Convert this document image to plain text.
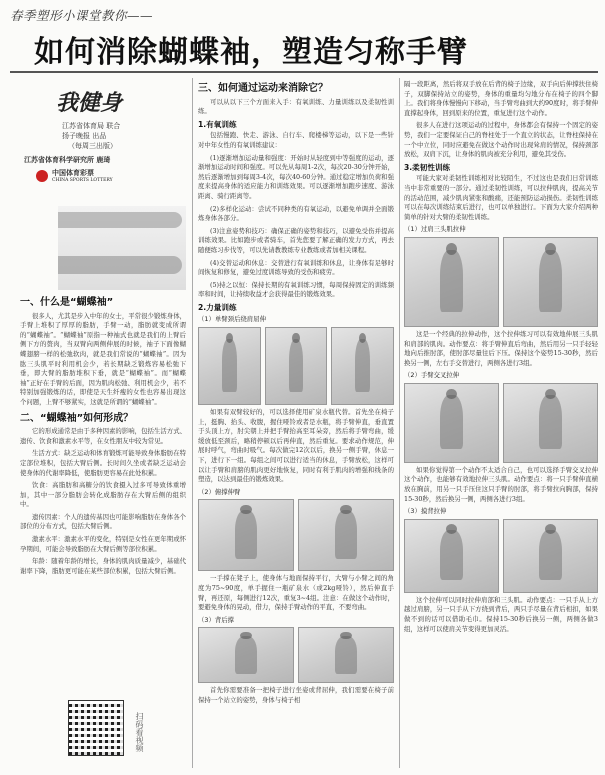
春季塑形小课堂教你——
如何消除蝴蝶袖，塑造匀称手臂
我健身
江苏省体育局 联合
扬子晚报 出品
（每周三出版）
江苏省体育科学研究所 鹿琦
中国体育彩票
CHINA SPORTS LOTTERY
一、什么是“蝴蝶袖”

很多人，尤其是步入中年的女士，平常很少锻炼身体，手臂上堆积了厚厚的脂肪，手臂一动，脂肪就变成所谓的“蝴蝶袖”。“蝴蝶袖”原指一种袖式也就是我们的上臂后侧下方的赘肉，当双臂向两侧伸展的时候，袖子下面像蝴蝶翅膀一样的松弛软肉，就是我们常说的“蝴蝶袖”。因为肱三头肌平时利用机会少，若长期缺乏锻炼容易松弛下垂，即大臂的脂肪堆积下垂，就是“蝴蝶袖”。而“蝴蝶袖”正好在手臂的后面，因为肌肉松弛、利用机会少，若不特别加强锻炼的话，即使是天生纤瘦的女性也容易出现这个问题，上臂不够紧实，这就是所谓的“蝴蝶袖”。

二、“蝴蝶袖”如何形成？

它的形成通常是由于多种因素的影响，包括生活方式、遗传、饮食和激素水平等，在女性朋友中较为常见。

生活方式：缺乏运动和体育锻炼可能导致身体脂肪在特定部位堆积，包括大臂后侧。长时间久坐或者缺乏运动会使身体的代谢率降低，使脂肪更容易在此处积累。

饮食：高脂肪和高糖分的饮食摄入过多可导致体重增加，其中一部分脂肪会转化成脂肪存在大臂后侧的组织中。

遗传因素：个人的遗传基因也可能影响脂肪在身体各个部位的分布方式，包括大臂后侧。

激素水平：激素水平的变化，特别是女性在更年期或怀孕期间，可能会导致脂肪在大臂后侧等部位积累。

年龄：随着年龄的增长，身体的肌肉质量减少，基础代谢率下降，脂肪更可能在某些部位积累，包括大臂后侧。

扫码看视频
三、如何通过运动来消除它？

可以从以下三个方面来入手：有氧训练、力量训练以及柔韧性训练。

1.有氧训练

包括慢跑、快走、游泳、自行车、爬楼梯等运动，以下是一些针对中年女性的有氧训练建议：

(1)逐渐增加运动量和强度：开始时从轻度到中等强度的运动，逐渐增加运动时间和强度。可以先从每周1-2次，每次20-30分钟开始，然后逐渐增加到每周3-4次，每次40-60分钟。通过稳定增加负荷和强度来提高身体的适应能力和训练效果。可以逐渐增加跑步速度、游泳距离、骑行距离等。

(2)多样化运动：尝试不同种类的有氧运动，以避免单调并全面锻炼身体各部分。

(3)注意姿势和技巧：确保正确的姿势和技巧，以避免受伤并提高训练效果。比如跑步或者骑车，首先您要了解正确的发力方式，再去随便练习步伐等，可以先请教教练专业教练或者加相关课程。

(4)交替运动和休息：交替进行有氧训练和休息，让身体有足够时间恢复和修复，避免过度训练导致的受伤和疲劳。

(5)持之以恒：保持长期的有氧训练习惯，每周保持固定的训练频率和时间，让持续收益才会获得最佳的锻炼效果。

2.力量训练
（1）单臂颈后绕肩屈伸

如果有双臂较好的，可以选择使用矿泉水瓶代替。首先坐在椅子上，挺胸、抬头、收腹，握住哑铃或者是水瓶，将手臂伸直，垂直置于头顶上方，肘尖朝上并把手臂抬高至耳朵旁，然后将手臂弯曲，缓缓放低至颈后，略稍停顿以后再伸直，然后重复。要求动作规范，伸展时呼气，弯曲时吸气。每次做完12次以后，换另一侧手臂，休息一下，进行下一组。每组之间可以进行适当的休息，手臂放松，这样可以让手臂和肩膀的肌肉更好地恢复，同时有利于肌肉的增强和线条的塑造，以达到最佳的锻炼效果。

（2）俯撑伸臂

一手撑在凳子上，使身体与地面保持平行，大臂与小臂之间的角度为75~90度，单手握住一瓶矿泉水（或2kg哑铃），然后伸直手臂，再还原，每侧进行12次，重复3~4组。注意：在做这个动作时，要避免身体的晃动，借力，保持手臂动作的平直，不要弯曲。

（3）背后撑

首先你需要准备一把椅子进行坐姿或背屈伸，我们需要在椅子前保持一个站立的姿势，身体与椅子相

隔一段距离，然后将双手放在后背的椅子边缘，双手向后伸撑扶住椅子，双脚保持站立的姿势，身体的重量均匀地分布在椅子的四个脚上。我们将身体慢慢向下移动，当手臂弯曲到大约90度时，将手臂伸直撑起身体，回到原来的位置，重复进行这个动作。

很多人在进行这项运动的过程中，身体都会有保持一个固定的姿势，我们一定要保证自己的脊柱处于一个直立的状态，让脊柱保持在一个中立位，同时应避免在做这个动作时出现耸肩的情况，保持颈部放松，双肩下沉，让身体的肌肉被充分利用，避免其受伤。

3.柔韧性训练

可能大家对柔韧性训练相对比较陌生，不过这也是我们日常训练当中非常重要的一部分。通过柔韧性训练，可以拉伸肌肉，提高关节的活动范围，减少肌肉紧张和酸痛，还能预防运动损伤。柔韧性训练可以在每次训练结束后进行，也可以单独进行。下面为大家介绍两种简单的针对大臂的柔韧性训练。

（1）过肩三头肌拉伸

这是一个经典的拉伸动作，这个拉伸练习可以有效地伸展三头肌和肩部的肌肉。动作要点：将手臂伸直后弯曲，然后用另一只手轻轻地向后推肘部，使肘部尽量往后下压。保持这个姿势15-30秒，然后换另一侧，左右手交替进行，两侧各进行3组。

（2）手臂交叉拉伸

如果你觉得第一个动作不太适合自己，也可以选择手臂交叉拉伸这个动作，也能够有效地拉伸三头肌。动作要点：将一只手臂伸直横放在胸前，用另一只手压住这只手臂的肘部，将手臂拉向胸部，保持15-30秒，然后换另一侧，两侧各进行3组。

（3）摸背拉伸

这个拉伸可以同时拉伸肩部和三头肌。动作要点：一只手从上方越过肩膀，另一只手从下方绕到背后，两只手尽量在背后相扣，如果做不到的话可以借助毛巾。保持15-30秒后换另一侧，两侧各做3组，这样可以使肩关节变得更加灵活。
